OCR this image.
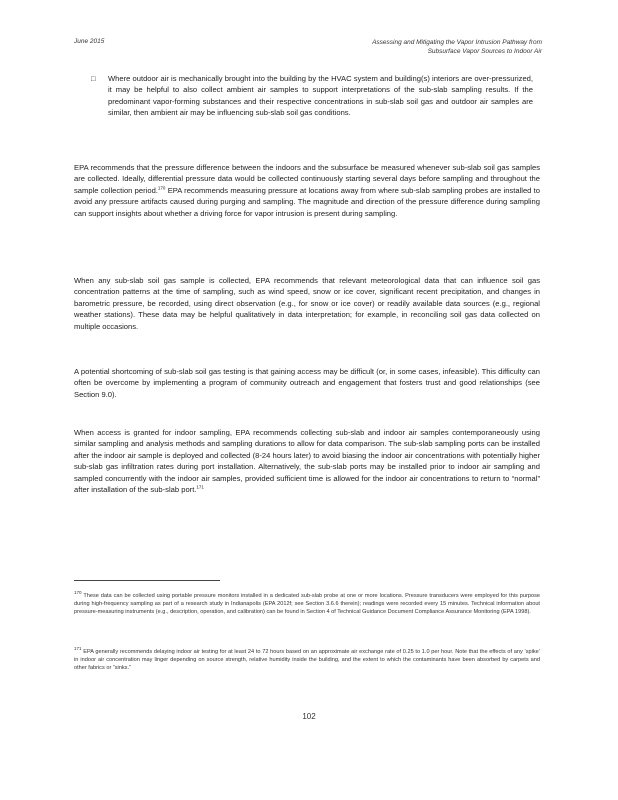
June 2015	Assessing and Mitigating the Vapor Intrusion Pathway from
Subsurface Vapor Sources to Indoor Air
□ Where outdoor air is mechanically brought into the building by the HVAC system and building(s) interiors are over-pressurized, it may be helpful to also collect ambient air samples to support interpretations of the sub-slab sampling results. If the predominant vapor-forming substances and their respective concentrations in sub-slab soil gas and outdoor air samples are similar, then ambient air may be influencing sub-slab soil gas conditions.
EPA recommends that the pressure difference between the indoors and the subsurface be measured whenever sub-slab soil gas samples are collected. Ideally, differential pressure data would be collected continuously starting several days before sampling and throughout the sample collection period.$^{170}$ EPA recommends measuring pressure at locations away from where sub-slab sampling probes are installed to avoid any pressure artifacts caused during purging and sampling. The magnitude and direction of the pressure difference during sampling can support insights about whether a driving force for vapor intrusion is present during sampling.
When any sub-slab soil gas sample is collected, EPA recommends that relevant meteorological data that can influence soil gas concentration patterns at the time of sampling, such as wind speed, snow or ice cover, significant recent precipitation, and changes in barometric pressure, be recorded, using direct observation (e.g., for snow or ice cover) or readily available data sources (e.g., regional weather stations). These data may be helpful qualitatively in data interpretation; for example, in reconciling soil gas data collected on multiple occasions.
A potential shortcoming of sub-slab soil gas testing is that gaining access may be difficult (or, in some cases, infeasible). This difficulty can often be overcome by implementing a program of community outreach and engagement that fosters trust and good relationships (see Section 9.0).
When access is granted for indoor sampling, EPA recommends collecting sub-slab and indoor air samples contemporaneously using similar sampling and analysis methods and sampling durations to allow for data comparison. The sub-slab sampling ports can be installed after the indoor air sample is deployed and collected (8-24 hours later) to avoid biasing the indoor air concentrations with potentially higher sub-slab gas infiltration rates during port installation. Alternatively, the sub-slab ports may be installed prior to indoor air sampling and sampled concurrently with the indoor air samples, provided sufficient time is allowed for the indoor air concentrations to return to “normal” after installation of the sub-slab port.$^{171}$
$^{170}$ These data can be collected using portable pressure monitors installed in a dedicated sub-slab probe at one or more locations. Pressure transducers were employed for this purpose during high-frequency sampling as part of a research study in Indianapolis (EPA 2012f; see Section 3.6.6 therein); readings were recorded every 15 minutes. Technical information about pressure-measuring instruments (e.g., description, operation, and calibration) can be found in Section 4 of Technical Guidance Document Compliance Assurance Monitoring (EPA 1998).
$^{171}$ EPA generally recommends delaying indoor air testing for at least 24 to 72 hours based on an approximate air exchange rate of 0.25 to 1.0 per hour. Note that the effects of any ‘spike’ in indoor air concentration may linger depending on source strength, relative humidity inside the building, and the extent to which the contaminants have been absorbed by carpets and other fabrics or “sinks.”
102
